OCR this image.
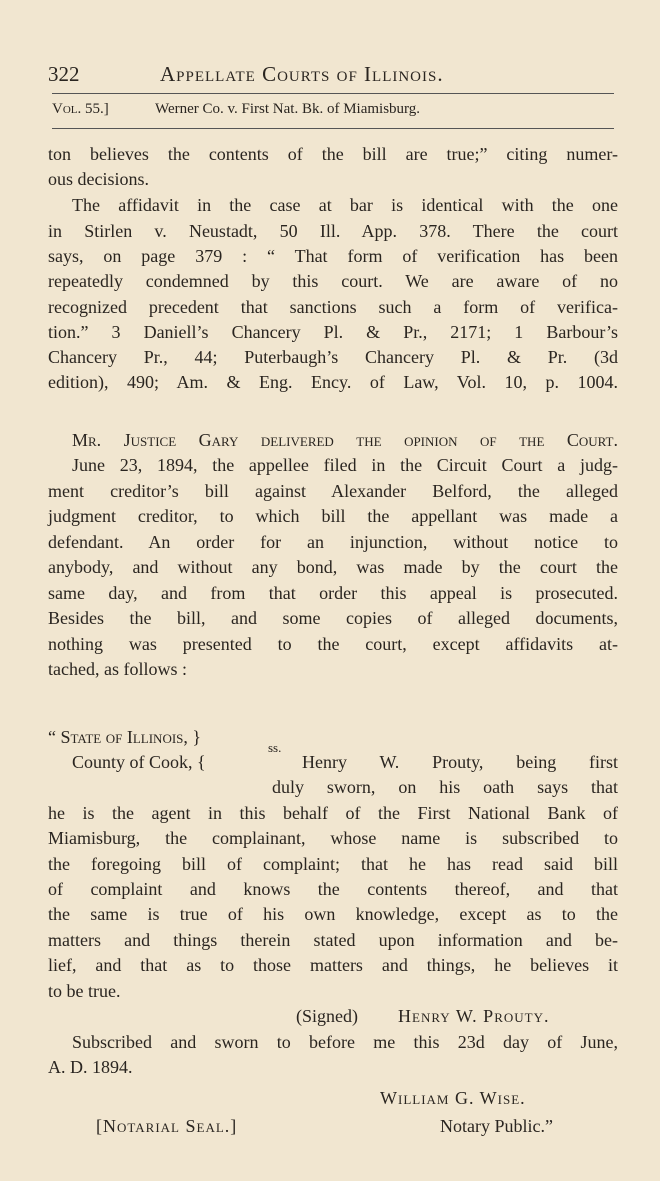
322	Appellate Courts of Illinois.
Vol. 55.]	Werner Co. v. First Nat. Bk. of Miamisburg.
ton believes the contents of the bill are true;” citing numer-
ous decisions.
The affidavit in the case at bar is identical with the one
in Stirlen v. Neustadt, 50 Ill. App. 378. There the court
says, on page 379 : “ That form of verification has been
repeatedly condemned by this court. We are aware of no
recognized precedent that sanctions such a form of verifica-
tion.” 3 Daniell’s Chancery Pl. & Pr., 2171; 1 Barbour’s
Chancery Pr., 44; Puterbaugh’s Chancery Pl. & Pr. (3d
edition), 490; Am. & Eng. Ency. of Law, Vol. 10, p. 1004.
Mr. Justice Gary delivered the opinion of the Court.
June 23, 1894, the appellee filed in the Circuit Court a judg-
ment creditor’s bill against Alexander Belford, the alleged
judgment creditor, to which bill the appellant was made a
defendant. An order for an injunction, without notice to
anybody, and without any bond, was made by the court the
same day, and from that order this appeal is prosecuted.
Besides the bill, and some copies of alleged documents,
nothing was presented to the court, except affidavits at-
tached, as follows :
“ State of Illinois, }
County of Cook, {
ss.
Henry W. Prouty, being first
duly sworn, on his oath says that
he is the agent in this behalf of the First National Bank of
Miamisburg, the complainant, whose name is subscribed to
the foregoing bill of complaint; that he has read said bill
of complaint and knows the contents thereof, and that
the same is true of his own knowledge, except as to the
matters and things therein stated upon information and be-
lief, and that as to those matters and things, he believes it
to be true.
(Signed) Henry W. Prouty.
Subscribed and sworn to before me this 23d day of June,
A. D. 1894.
William G. Wise.
[Notarial Seal.]	Notary Public.”
